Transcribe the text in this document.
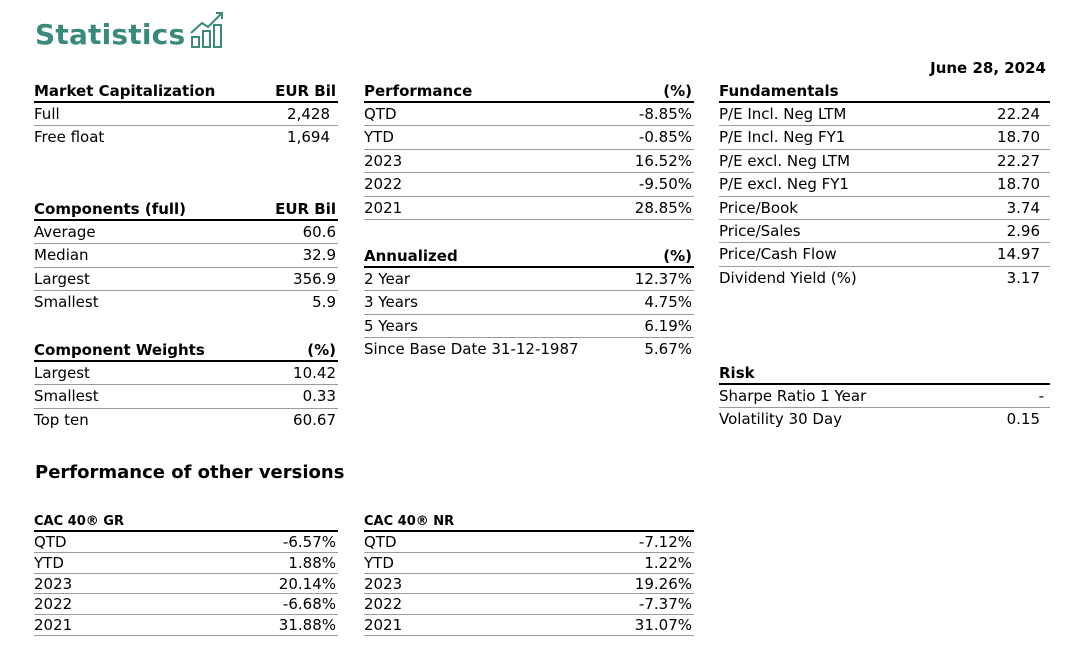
Statistics
June 28, 2024
Market Capitalization	EUR Bil
Full	2,428
Free float	1,694
Components (full)	EUR Bil
Average	60.6
Median	32.9
Largest	356.9
Smallest	5.9
Component Weights	(%)
Largest	10.42
Smallest	0.33
Top ten	60.67
Performance	(%)
QTD	-8.85%
YTD	-0.85%
2023	16.52%
2022	-9.50%
2021	28.85%
Annualized	(%)
2 Year	12.37%
3 Years	4.75%
5 Years	6.19%
Since Base Date 31-12-1987	5.67%
Fundamentals
P/E Incl. Neg LTM	22.24
P/E Incl. Neg FY1	18.70
P/E excl. Neg LTM	22.27
P/E excl. Neg FY1	18.70
Price/Book	3.74
Price/Sales	2.96
Price/Cash Flow	14.97
Dividend Yield (%)	3.17
Risk
Sharpe Ratio 1 Year	-
Volatility 30 Day	0.15
Performance of other versions
CAC 40® GR
QTD	-6.57%
YTD	1.88%
2023	20.14%
2022	-6.68%
2021	31.88%
CAC 40® NR
QTD	-7.12%
YTD	1.22%
2023	19.26%
2022	-7.37%
2021	31.07%
